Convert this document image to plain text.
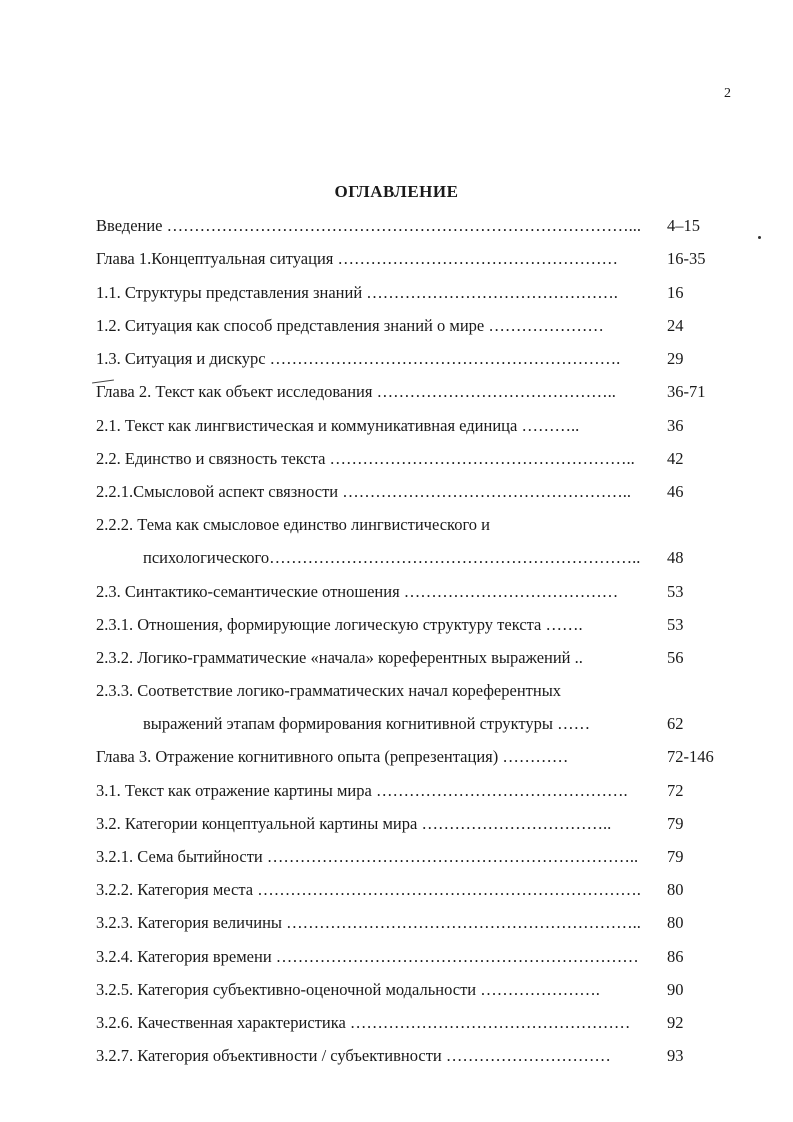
2
ОГЛАВЛЕНИЕ
Введение …………………………………………………………………………...	4–15
Глава 1.Концептуальная ситуация ……………………………………………	16-35
1.1. Структуры представления знаний ……………………………………….	16
1.2. Ситуация как способ представления знаний о мире …………………	24
1.3. Ситуация и дискурс ……………………………………………………….	29
Глава 2. Текст как объект исследования ……………………………………..	36-71
2.1. Текст как лингвистическая и коммуникативная единица ………..	36
2.2. Единство и связность текста ………………………………………………..	42
2.2.1.Смысловой аспект связности ……………………………………………..	46
2.2.2. Тема как смысловое единство лингвистического и
психологического…………………………………………………………..	48
2.3. Синтактико-семантические отношения …………………………………	53
2.3.1. Отношения, формирующие логическую структуру текста …….	53
2.3.2. Логико-грамматические «начала» кореферентных выражений ..	56
2.3.3. Соответствие логико-грамматических начал кореферентных
выражений этапам формирования когнитивной структуры ……	62
Глава 3. Отражение когнитивного опыта (репрезентация) …………	72-146
3.1. Текст как отражение картины мира ……………………………………….	72
3.2. Категории концептуальной картины мира ……………………………..	79
3.2.1. Сема бытийности …………………………………………………………..	79
3.2.2. Категория места …………………………………………………………….	80
3.2.3. Категория величины ………………………………………………………..	80
3.2.4. Категория времени …………………………………………………………	86
3.2.5. Категория субъективно-оценочной модальности ………………….	90
3.2.6. Качественная характеристика ……………………………………………	92
3.2.7. Категория объективности / субъективности …………………………	93
